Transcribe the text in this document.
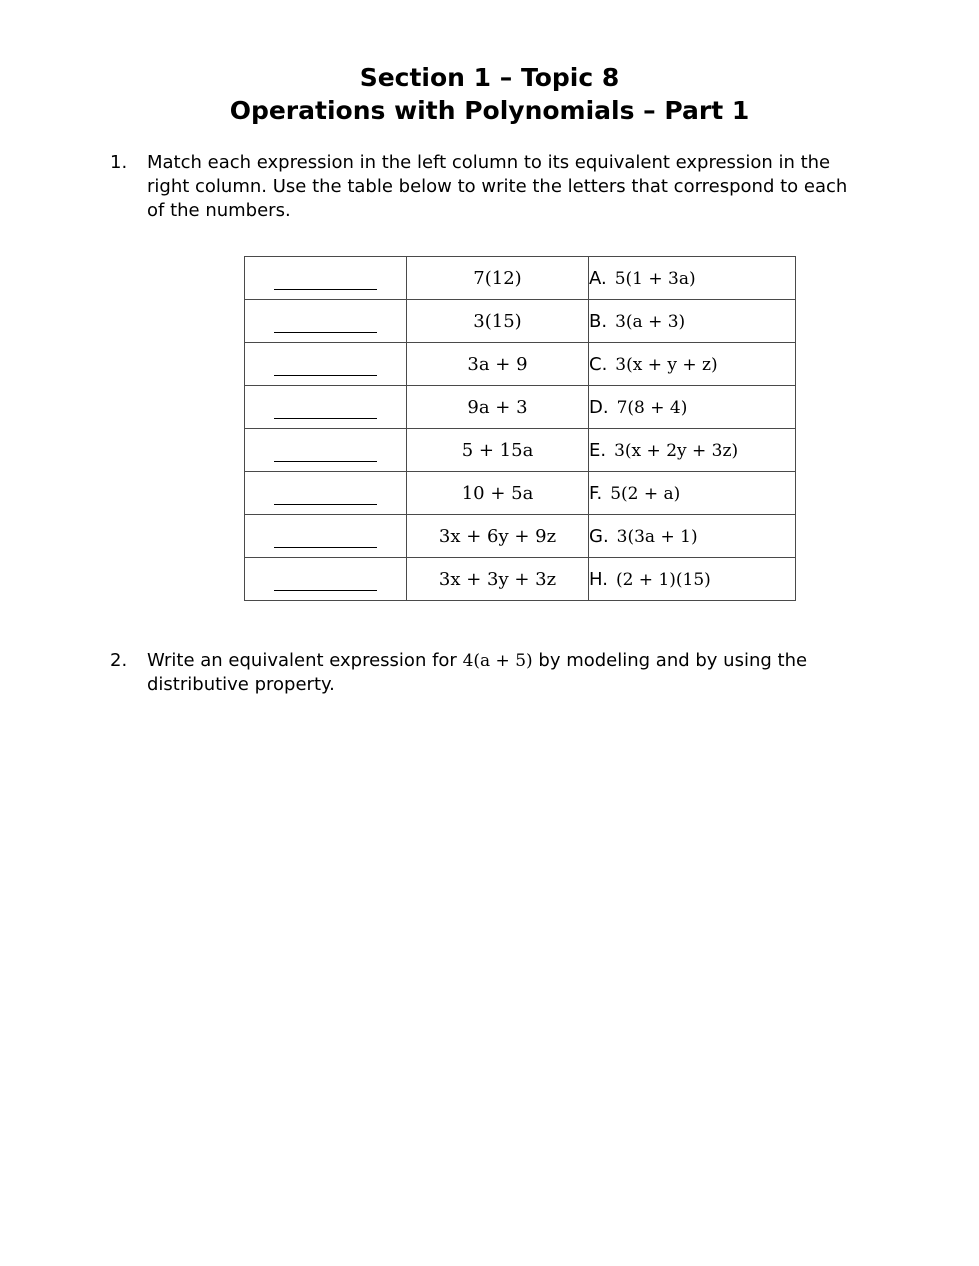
Section 1 – Topic 8
Operations with Polynomials – Part 1
1. Match each expression in the left column to its equivalent expression in the right column. Use the table below to write the letters that correspond to each of the numbers.
	7(12)	A. 5(1 + 3a)
	3(15)	B. 3(a + 3)
	3a + 9	C. 3(x + y + z)
	9a + 3	D. 7(8 + 4)
	5 + 15a	E. 3(x + 2y + 3z)
	10 + 5a	F. 5(2 + a)
	3x + 6y + 9z	G. 3(3a + 1)
	3x + 3y + 3z	H. (2 + 1)(15)
2. Write an equivalent expression for 4(a + 5) by modeling and by using the distributive property.
